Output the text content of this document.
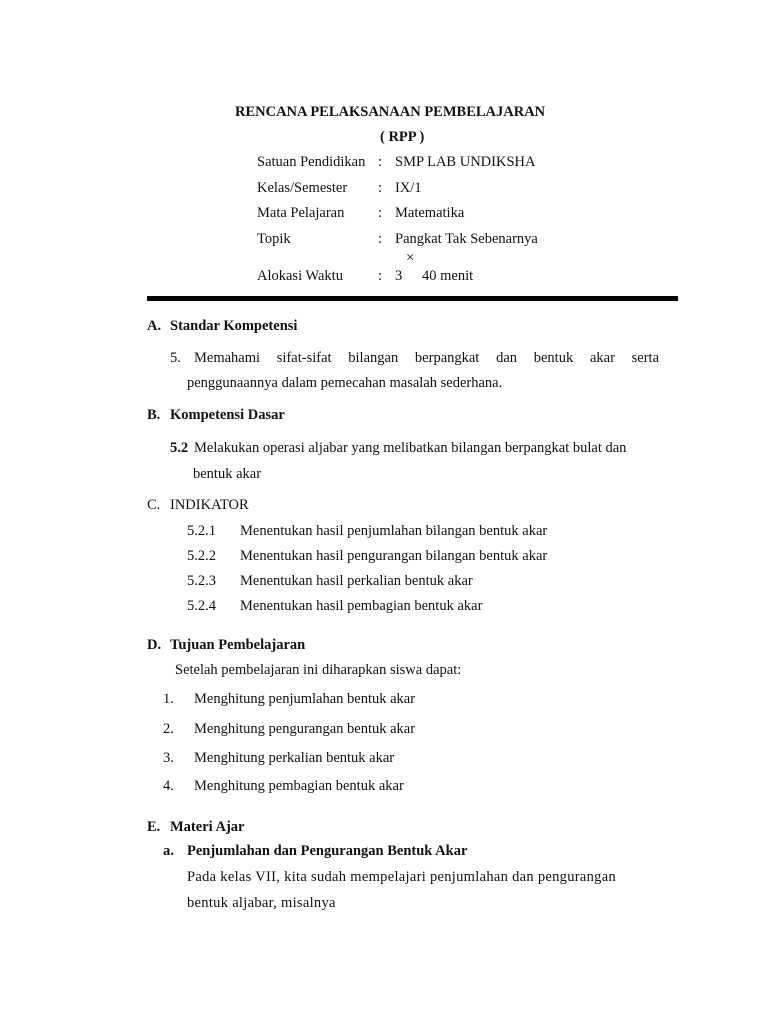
RENCANA PELAKSANAAN PEMBELAJARAN
( RPP )
Satuan Pendidikan : SMP LAB UNDIKSHA
Kelas/Semester : IX/1
Mata Pelajaran : Matematika
Topik	: Pangkat Tak Sebenarnya
Alokasi Waktu : 3
×
40 menit
A. Standar Kompetensi
5. Memahami sifat-sifat bilangan berpangkat dan bentuk akar serta
penggunaannya dalam pemecahan masalah sederhana.
B. Kompetensi Dasar
5.2 Melakukan operasi aljabar yang melibatkan bilangan berpangkat bulat dan
bentuk akar
C. INDIKATOR
5.2.1 Menentukan hasil penjumlahan bilangan bentuk akar
5.2.2 Menentukan hasil pengurangan bilangan bentuk akar
5.2.3 Menentukan hasil perkalian bentuk akar
5.2.4 Menentukan hasil pembagian bentuk akar
D. Tujuan Pembelajaran
Setelah pembelajaran ini diharapkan siswa dapat:
1. Menghitung penjumlahan bentuk akar
2. Menghitung pengurangan bentuk akar
3. Menghitung perkalian bentuk akar
4. Menghitung pembagian bentuk akar
E. Materi Ajar
a. Penjumlahan dan Pengurangan Bentuk Akar
Pada kelas VII, kita sudah mempelajari penjumlahan dan pengurangan
bentuk aljabar, misalnya
